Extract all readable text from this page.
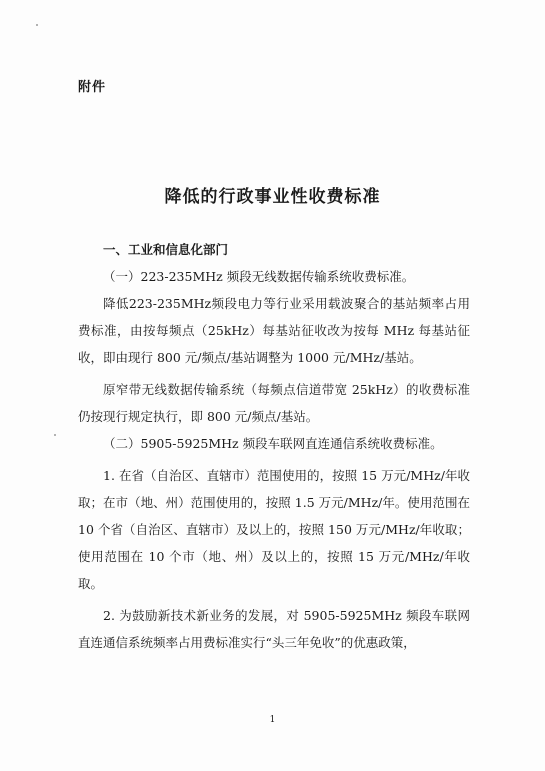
附件
降低的行政事业性收费标准

一、工业和信息化部门

（一）223-235MHz 频段无线数据传输系统收费标准。

降低223-235MHz频段电力等行业采用载波聚合的基站频率占用费标准，由按每频点（25kHz）每基站征收改为按每 MHz 每基站征收，即由现行 800 元/频点/基站调整为 1000 元/MHz/基站。

原窄带无线数据传输系统（每频点信道带宽 25kHz）的收费标准仍按现行规定执行，即 800 元/频点/基站。

（二）5905-5925MHz 频段车联网直连通信系统收费标准。

1. 在省（自治区、直辖市）范围使用的，按照 15 万元/MHz/年收取；在市（地、州）范围使用的，按照 1.5 万元/MHz/年。使用范围在 10 个省（自治区、直辖市）及以上的，按照 150 万元/MHz/年收取；使用范围在 10 个市（地、州）及以上的，按照 15 万元/MHz/年收取。

2. 为鼓励新技术新业务的发展，对 5905-5925MHz 频段车联网直连通信系统频率占用费标准实行“头三年免收”的优惠政策，

1
